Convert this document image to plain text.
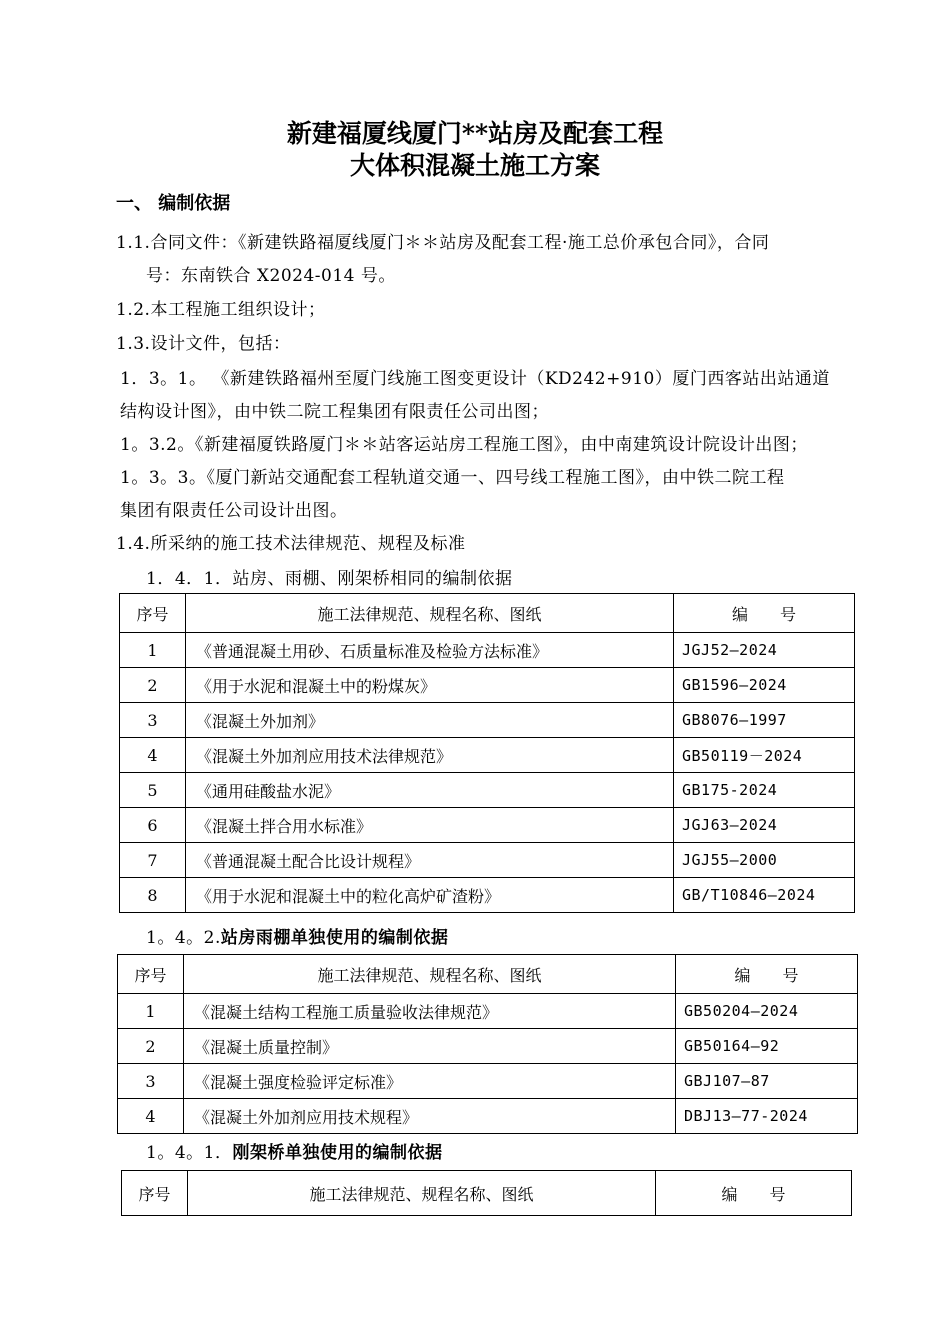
新建福厦线厦门**站房及配套工程
大体积混凝土施工方案
一、 编制依据
1.1.合同文件：《新建铁路福厦线厦门＊＊站房及配套工程·施工总价承包合同》，合同
号：东南铁合 X2024-014 号。
1.2.本工程施工组织设计；
1.3.设计文件，包括：
1．3。1。 《新建铁路福州至厦门线施工图变更设计（KD242+910）厦门西客站出站通道
结构设计图》，由中铁二院工程集团有限责任公司出图；
1。3.2。《新建福厦铁路厦门＊＊站客运站房工程施工图》，由中南建筑设计院设计出图；
1。3。3。《厦门新站交通配套工程轨道交通一、四号线工程施工图》，由中铁二院工程
集团有限责任公司设计出图。
1.4.所采纳的施工技术法律规范、规程及标准
1．4．1．站房、雨棚、刚架桥相同的编制依据
序号	施工法律规范、规程名称、图纸	编　　号
1	《普通混凝土用砂、石质量标准及检验方法标准》	JGJ52—2024
2	《用于水泥和混凝土中的粉煤灰》	GB1596—2024
3	《混凝土外加剂》	GB8076—1997
4	《混凝土外加剂应用技术法律规范》	GB50119－2024
5	《通用硅酸盐水泥》	GB175-2024
6	《混凝土拌合用水标准》	JGJ63—2024
7	《普通混凝土配合比设计规程》	JGJ55—2000
8	《用于水泥和混凝土中的粒化高炉矿渣粉》	GB/T10846—2024
1。4。2.站房雨棚单独使用的编制依据
序号	施工法律规范、规程名称、图纸	编　　号
1	《混凝土结构工程施工质量验收法律规范》	GB50204—2024
2	《混凝土质量控制》	GB50164—92
3	《混凝土强度检验评定标准》	GBJ107—87
4	《混凝土外加剂应用技术规程》	DBJ13—77-2024
1。4。1．刚架桥单独使用的编制依据
序号	施工法律规范、规程名称、图纸	编　　号
